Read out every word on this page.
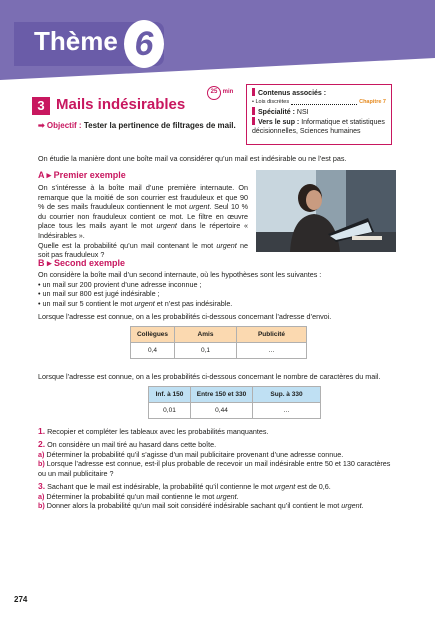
Thème 6
3 Mails indésirables
25 min
➡ Objectif : Tester la pertinence de filtrages de mail.
Contenus associés :
• Lois discrètes	Chapitre 7
Spécialité : NSI
Vers le sup : Informatique et statistiques décisionnelles, Sciences humaines
On étudie la manière dont une boîte mail va considérer qu’un mail est indésirable ou ne l’est pas.
A ▸ Premier exemple
On s’intéresse à la boîte mail d’une première internaute. On remarque que la moitié de son courrier est frauduleux et que 90 % de ses mails frauduleux contiennent le mot urgent. Seul 10 % du courrier non frauduleux contient ce mot. Le filtre en œuvre place tous les mails ayant le mot urgent dans le répertoire « Indésirables ».
Quelle est la probabilité qu’un mail contenant le mot urgent ne soit pas frauduleux ?
B ▸ Second exemple
On considère la boîte mail d’un second internaute, où les hypothèses sont les suivantes :
• un mail sur 200 provient d’une adresse inconnue ;
• un mail sur 800 est jugé indésirable ;
• un mail sur 5 contient le mot urgent et n’est pas indésirable.
Lorsque l’adresse est connue, on a les probabilités ci-dessous concernant l’adresse d’envoi.
Collègues	Amis	Publicité
0,4	0,1	…
Lorsque l’adresse est connue, on a les probabilités ci-dessous concernant le nombre de caractères du mail.
Inf. à 150	Entre 150 et 330	Sup. à 330
0,01	0,44	…
1. Recopier et compléter les tableaux avec les probabilités manquantes.
2. On considère un mail tiré au hasard dans cette boîte.
a) Déterminer la probabilité qu’il s’agisse d’un mail publicitaire provenant d’une adresse connue.
b) Lorsque l’adresse est connue, est-il plus probable de recevoir un mail indésirable entre 50 et 130 caractères ou un mail publicitaire ?
3. Sachant que le mail est indésirable, la probabilité qu’il contienne le mot urgent est de 0,6.
a) Déterminer la probabilité qu’un mail contienne le mot urgent.
b) Donner alors la probabilité qu’un mail soit considéré indésirable sachant qu’il contient le mot urgent.
274
